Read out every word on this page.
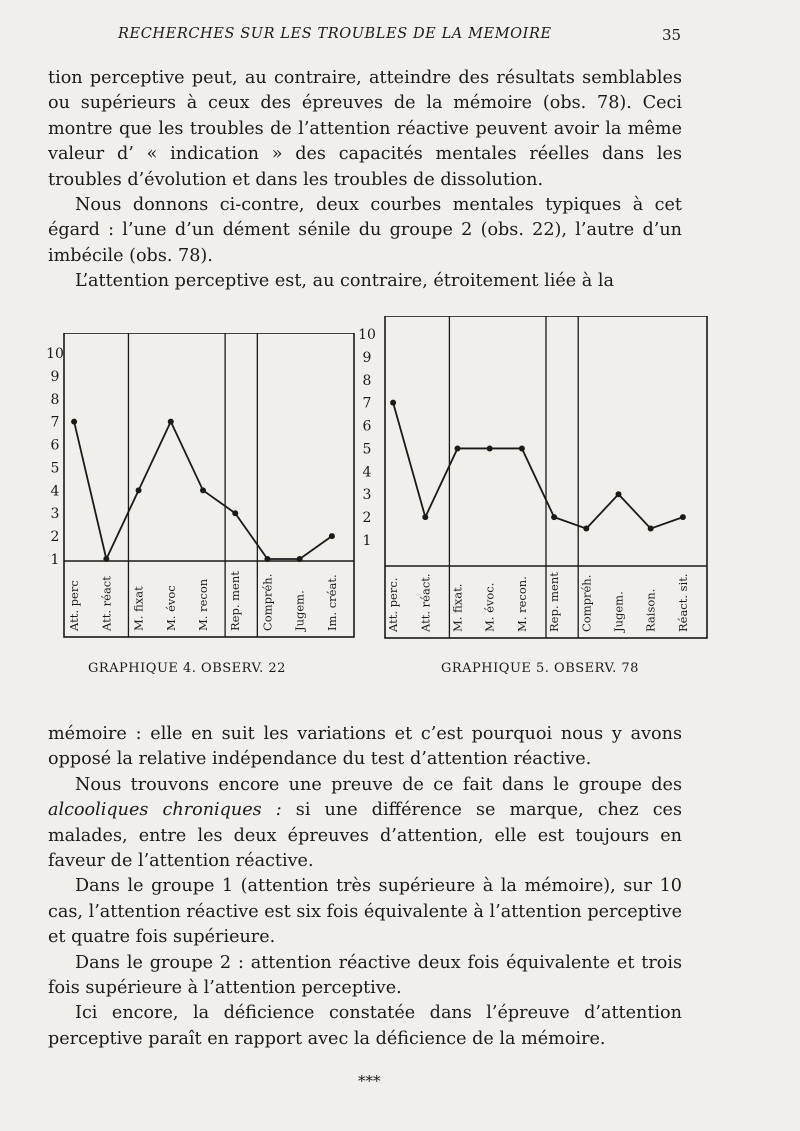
RECHERCHES SUR LES TROUBLES DE LA MEMOIRE	35

tion perceptive peut, au contraire, atteindre des résultats semblables ou supérieurs à ceux des épreuves de la mémoire (obs. 78). Ceci montre que les troubles de l’attention réactive peuvent avoir la même valeur d’ « indication » des capacités mentales réelles dans les troubles d’évolution et dans les troubles de dissolution.

Nous donnons ci-contre, deux courbes mentales typiques à cet égard : l’une d’un dément sénile du groupe 2 (obs. 22), l’autre d’un imbécile (obs. 78).

L’attention perceptive est, au contraire, étroitement liée à la

10
9
8
7
6
5
4
3
2
1
Att. perc Att. réact M. fixat M. évoc M. recon Rep. ment Compréh. Jugem. Im. créat.	Att. perc. Att. réact. M. fixat. M. évoc. M. recon. Rep. ment Compréh. Jugem. Raison. Réact. sit.
10
9
8
7
6
5
4
3
2
1
GRAPHIQUE 4. OBSERV. 22	GRAPHIQUE 5. OBSERV. 78

mémoire : elle en suit les variations et c’est pourquoi nous y avons opposé la relative indépendance du test d’attention réactive.

Nous trouvons encore une preuve de ce fait dans le groupe des alcooliques chroniques : si une différence se marque, chez ces malades, entre les deux épreuves d’attention, elle est toujours en faveur de l’attention réactive.

Dans le groupe 1 (attention très supérieure à la mémoire), sur 10 cas, l’attention réactive est six fois équivalente à l’attention perceptive et quatre fois supérieure.

Dans le groupe 2 : attention réactive deux fois équivalente et trois fois supérieure à l’attention perceptive.

Ici encore, la déficience constatée dans l’épreuve d’attention perceptive paraît en rapport avec la déficience de la mémoire.

***
